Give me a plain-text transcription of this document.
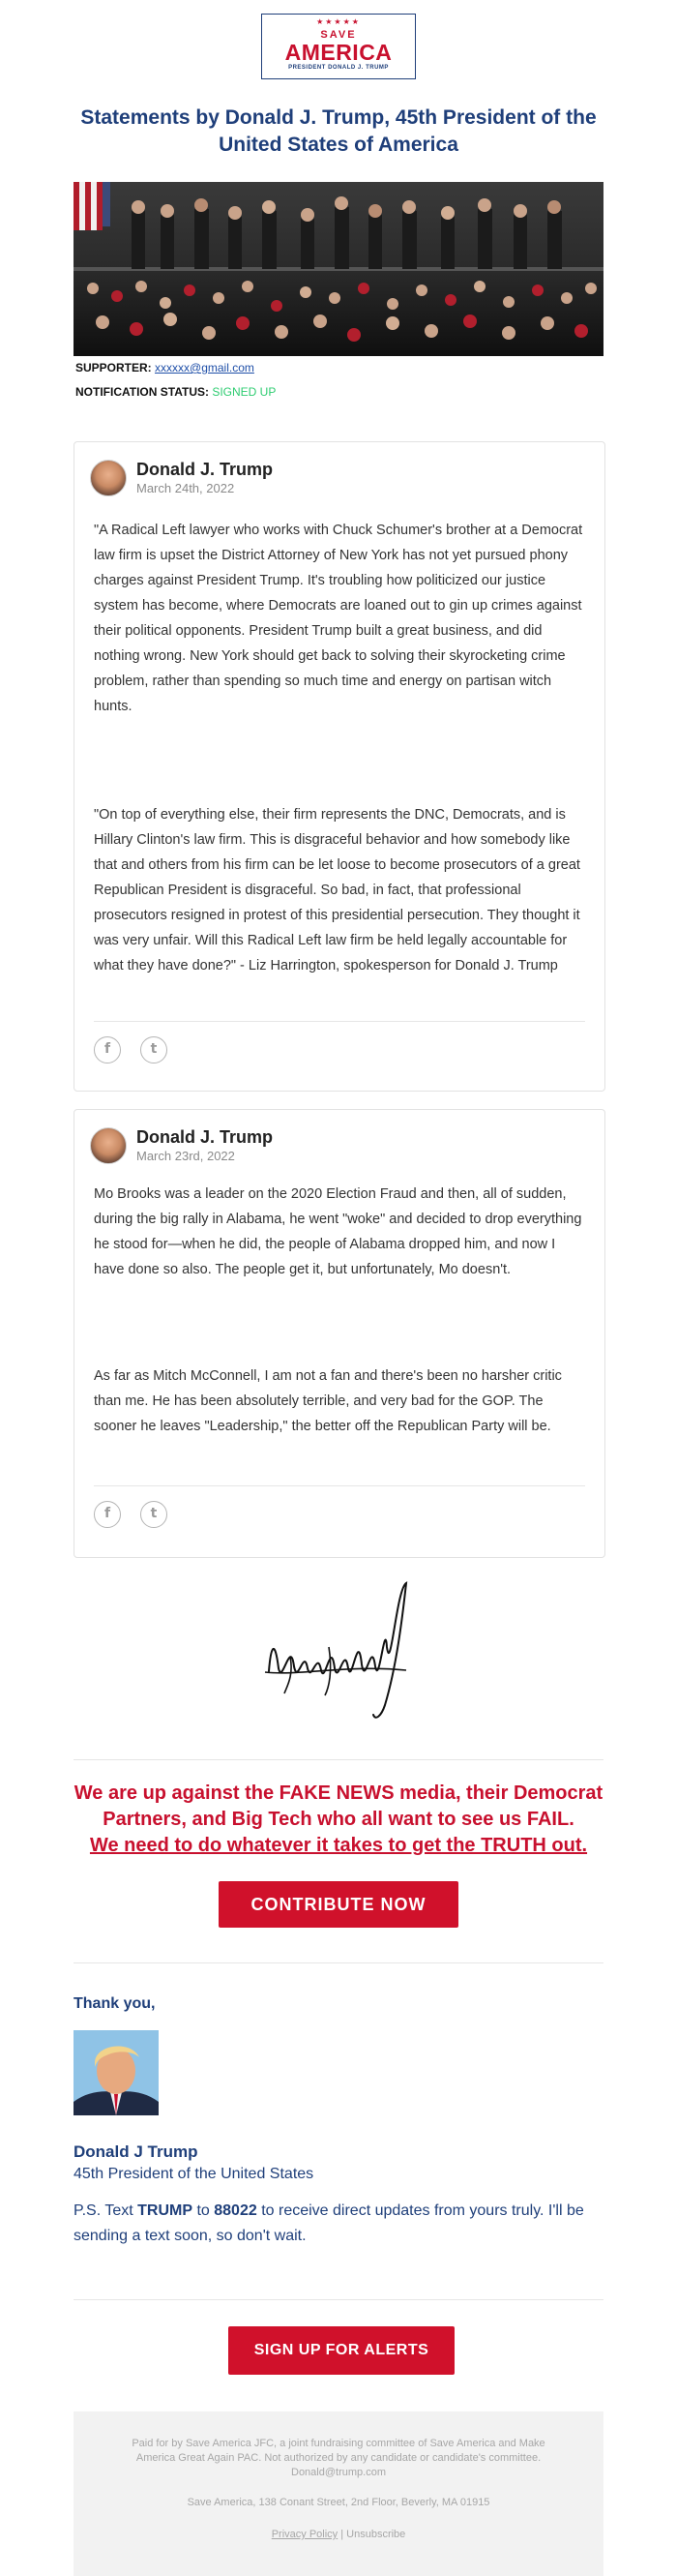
★★★★★
SAVE
AMERICA
PRESIDENT DONALD J. TRUMP
Statements by Donald J. Trump, 45th President of the United States of America
SUPPORTER: xxxxxx@gmail.com
NOTIFICATION STATUS: SIGNED UP
Donald J. Trump
March 24th, 2022
"A Radical Left lawyer who works with Chuck Schumer's brother at a Democrat law firm is upset the District Attorney of New York has not yet pursued phony charges against President Trump. It's troubling how politicized our justice system has become, where Democrats are loaned out to gin up crimes against their political opponents. President Trump built a great business, and did nothing wrong. New York should get back to solving their skyrocketing crime problem, rather than spending so much time and energy on partisan witch hunts.
"On top of everything else, their firm represents the DNC, Democrats, and is Hillary Clinton's law firm. This is disgraceful behavior and how somebody like that and others from his firm can be let loose to become prosecutors of a great Republican President is disgraceful. So bad, in fact, that professional prosecutors resigned in protest of this presidential persecution. They thought it was very unfair. Will this Radical Left law firm be held legally accountable for what they have done?" - Liz Harrington, spokesperson for Donald J. Trump
f	t
Donald J. Trump
March 23rd, 2022
Mo Brooks was a leader on the 2020 Election Fraud and then, all of sudden, during the big rally in Alabama, he went "woke" and decided to drop everything he stood for—when he did, the people of Alabama dropped him, and now I have done so also. The people get it, but unfortunately, Mo doesn't.
As far as Mitch McConnell, I am not a fan and there's been no harsher critic than me. He has been absolutely terrible, and very bad for the GOP. The sooner he leaves "Leadership," the better off the Republican Party will be.
f	t
We are up against the FAKE NEWS media, their Democrat Partners, and Big Tech who all want to see us FAIL.
We need to do whatever it takes to get the TRUTH out.
CONTRIBUTE NOW
Thank you,
Donald J Trump
45th President of the United States
P.S. Text TRUMP to 88022 to receive direct updates from yours truly. I'll be sending a text soon, so don't wait.
SIGN UP FOR ALERTS
Paid for by Save America JFC, a joint fundraising committee of Save America and Make America Great Again PAC. Not authorized by any candidate or candidate's committee. Donald@trump.com
Save America, 138 Conant Street, 2nd Floor, Beverly, MA 01915
Privacy Policy | Unsubscribe
